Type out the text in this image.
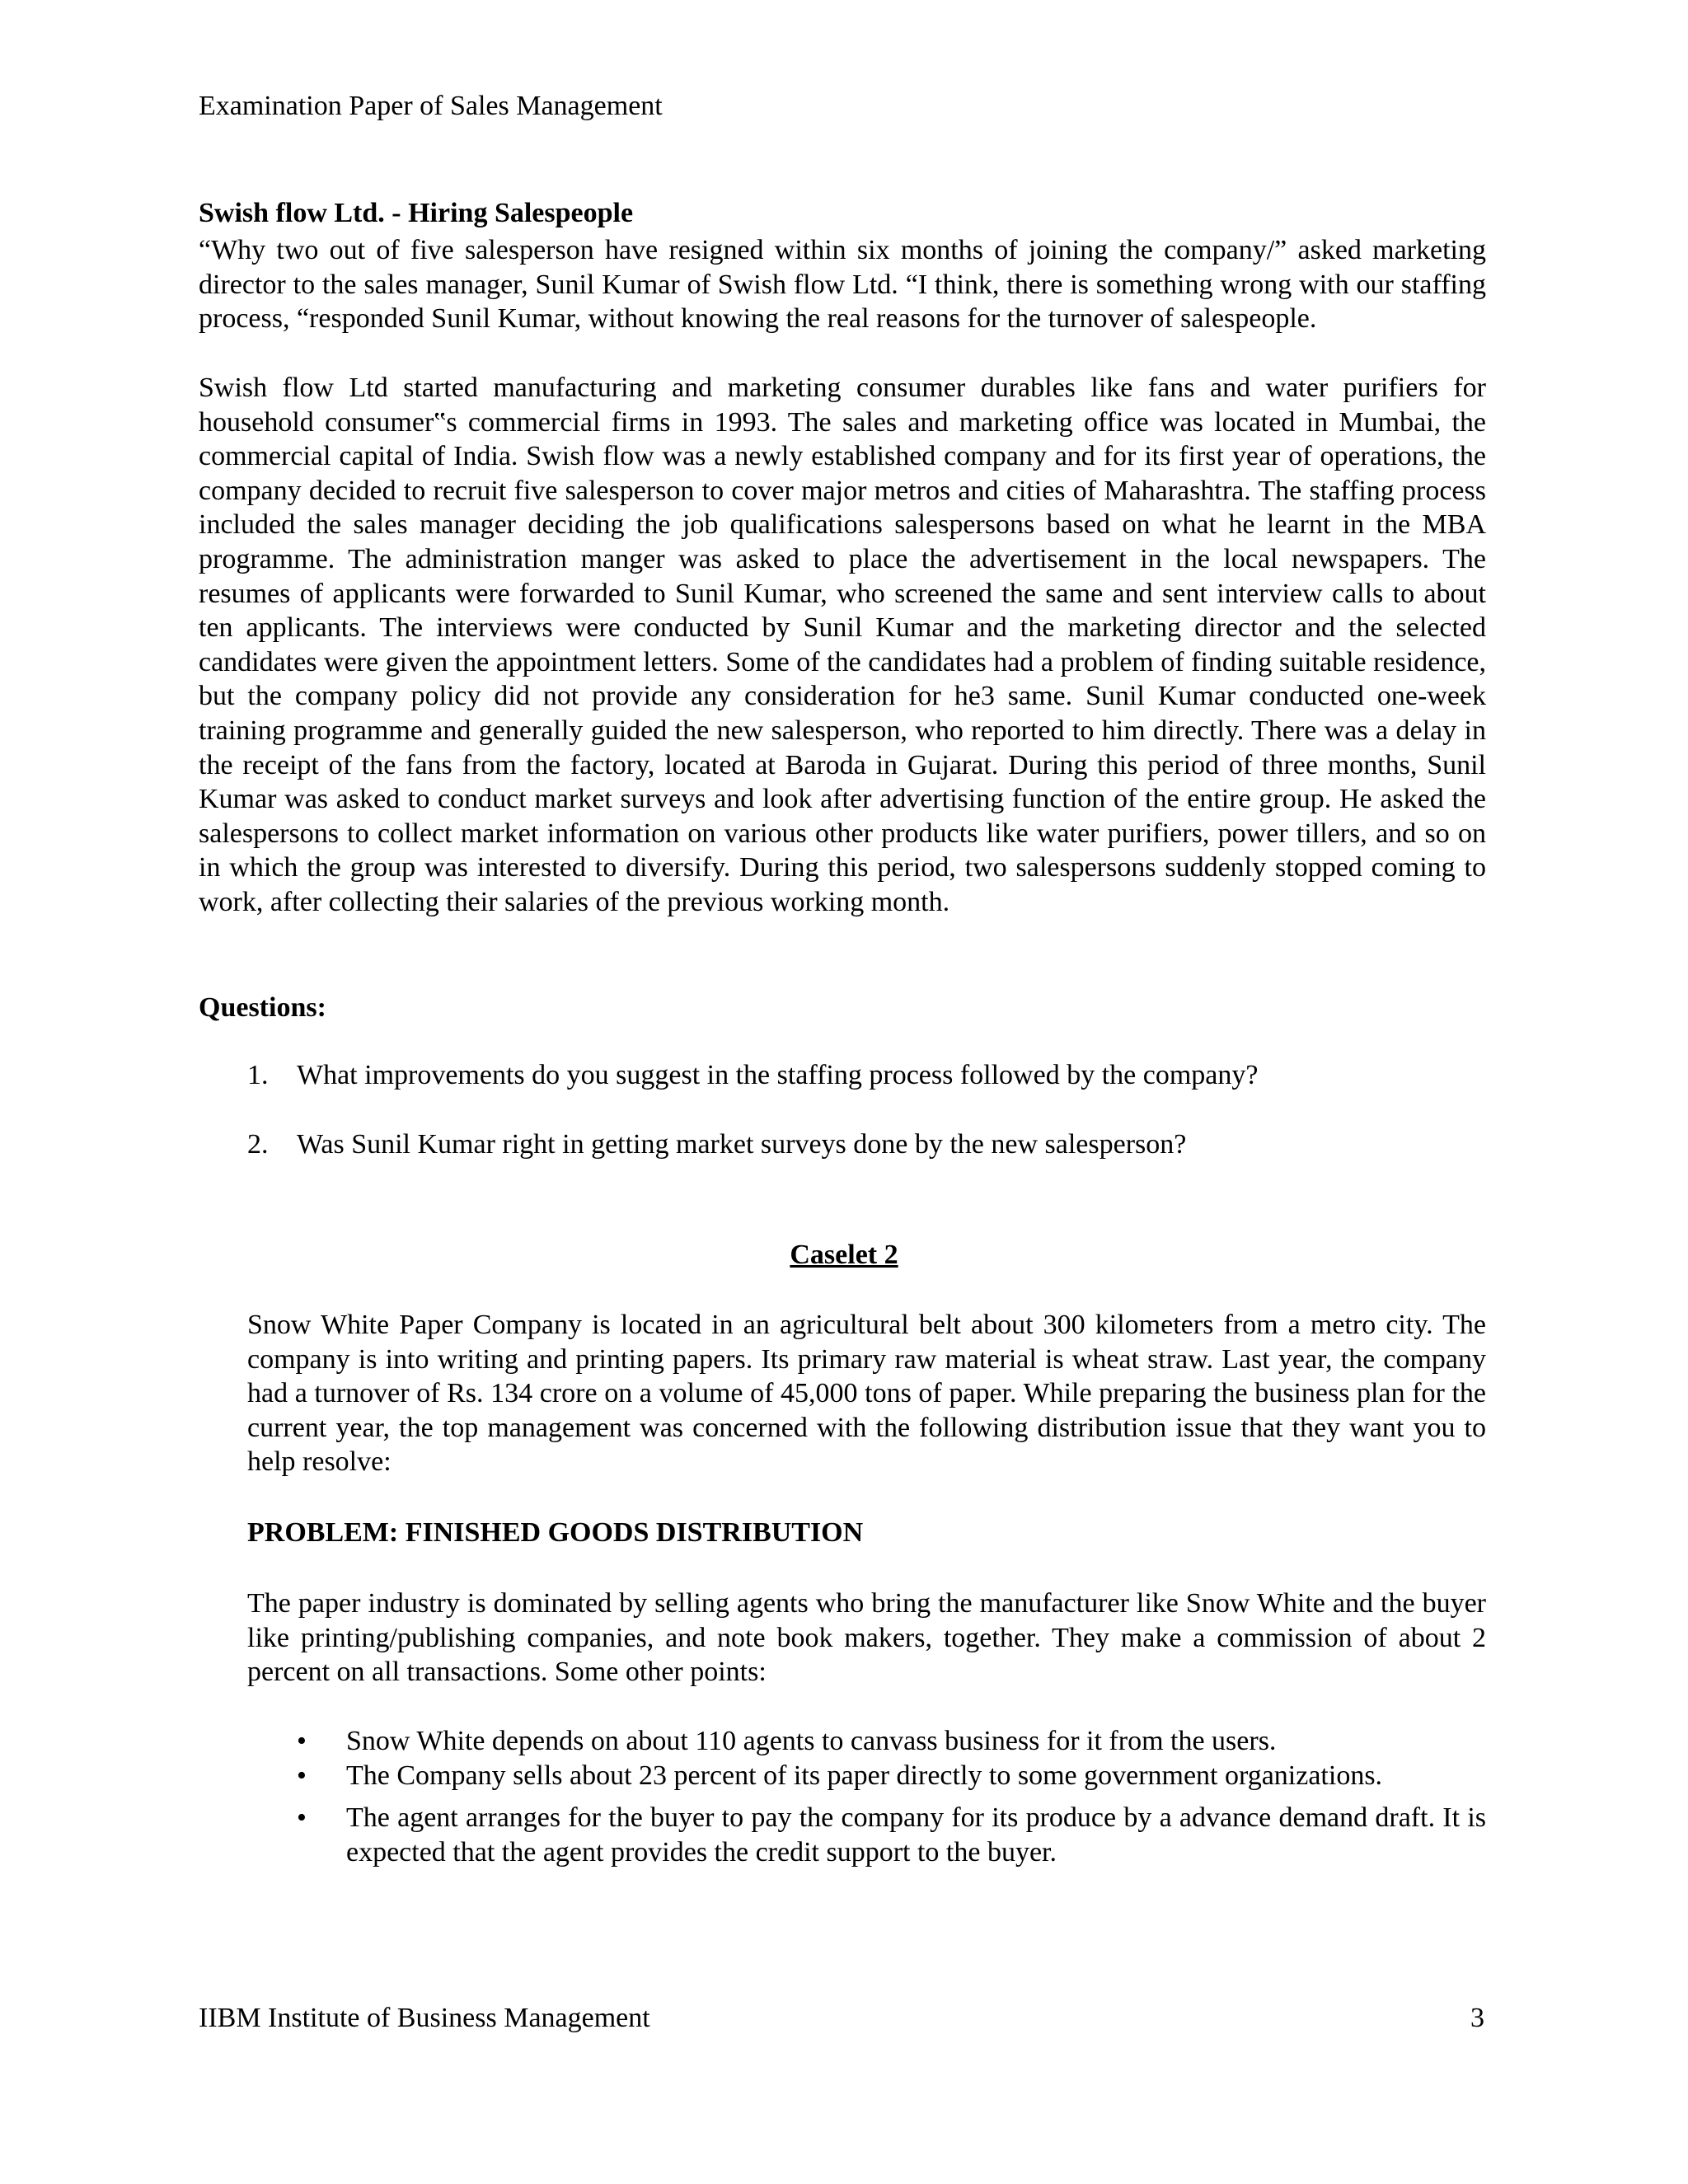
Examination Paper of Sales Management
Swish flow Ltd. - Hiring Salespeople

“Why two out of five salesperson have resigned within six months of joining the company/” asked marketing director to the sales manager, Sunil Kumar of Swish flow Ltd. “I think, there is something wrong with our staffing process, “responded Sunil Kumar, without knowing the real reasons for the turnover of salespeople.

Swish flow Ltd started manufacturing and marketing consumer durables like fans and water purifiers for household consumer‟s commercial firms in 1993. The sales and marketing office was located in Mumbai, the commercial capital of India. Swish flow was a newly established company and for its first year of operations, the company decided to recruit five salesperson to cover major metros and cities of Maharashtra. The staffing process included the sales manager deciding the job qualifications salespersons based on what he learnt in the MBA programme. The administration manger was asked to place the advertisement in the local newspapers. The resumes of applicants were forwarded to Sunil Kumar, who screened the same and sent interview calls to about ten applicants. The interviews were conducted by Sunil Kumar and the marketing director and the selected candidates were given the appointment letters. Some of the candidates had a problem of finding suitable residence, but the company policy did not provide any consideration for he3 same. Sunil Kumar conducted one-week training programme and generally guided the new salesperson, who reported to him directly. There was a delay in the receipt of the fans from the factory, located at Baroda in Gujarat. During this period of three months, Sunil Kumar was asked to conduct market surveys and look after advertising function of the entire group. He asked the salespersons to collect market information on various other products like water purifiers, power tillers, and so on in which the group was interested to diversify. During this period, two salespersons suddenly stopped coming to work, after collecting their salaries of the previous working month.

Questions:
1. What improvements do you suggest in the staffing process followed by the company?
2. Was Sunil Kumar right in getting market surveys done by the new salesperson?
Caselet 2

Snow White Paper Company is located in an agricultural belt about 300 kilometers from a metro city. The company is into writing and printing papers. Its primary raw material is wheat straw. Last year, the company had a turnover of Rs. 134 crore on a volume of 45,000 tons of paper. While preparing the business plan for the current year, the top management was concerned with the following distribution issue that they want you to help resolve:

PROBLEM: FINISHED GOODS DISTRIBUTION

The paper industry is dominated by selling agents who bring the manufacturer like Snow White and the buyer like printing/publishing companies, and note book makers, together. They make a commission of about 2 percent on all transactions. Some other points:

• Snow White depends on about 110 agents to canvass business for it from the users.
• The Company sells about 23 percent of its paper directly to some government organizations.
• The agent arranges for the buyer to pay the company for its produce by a advance demand draft. It is expected that the agent provides the credit support to the buyer.
IIBM Institute of Business Management	3
